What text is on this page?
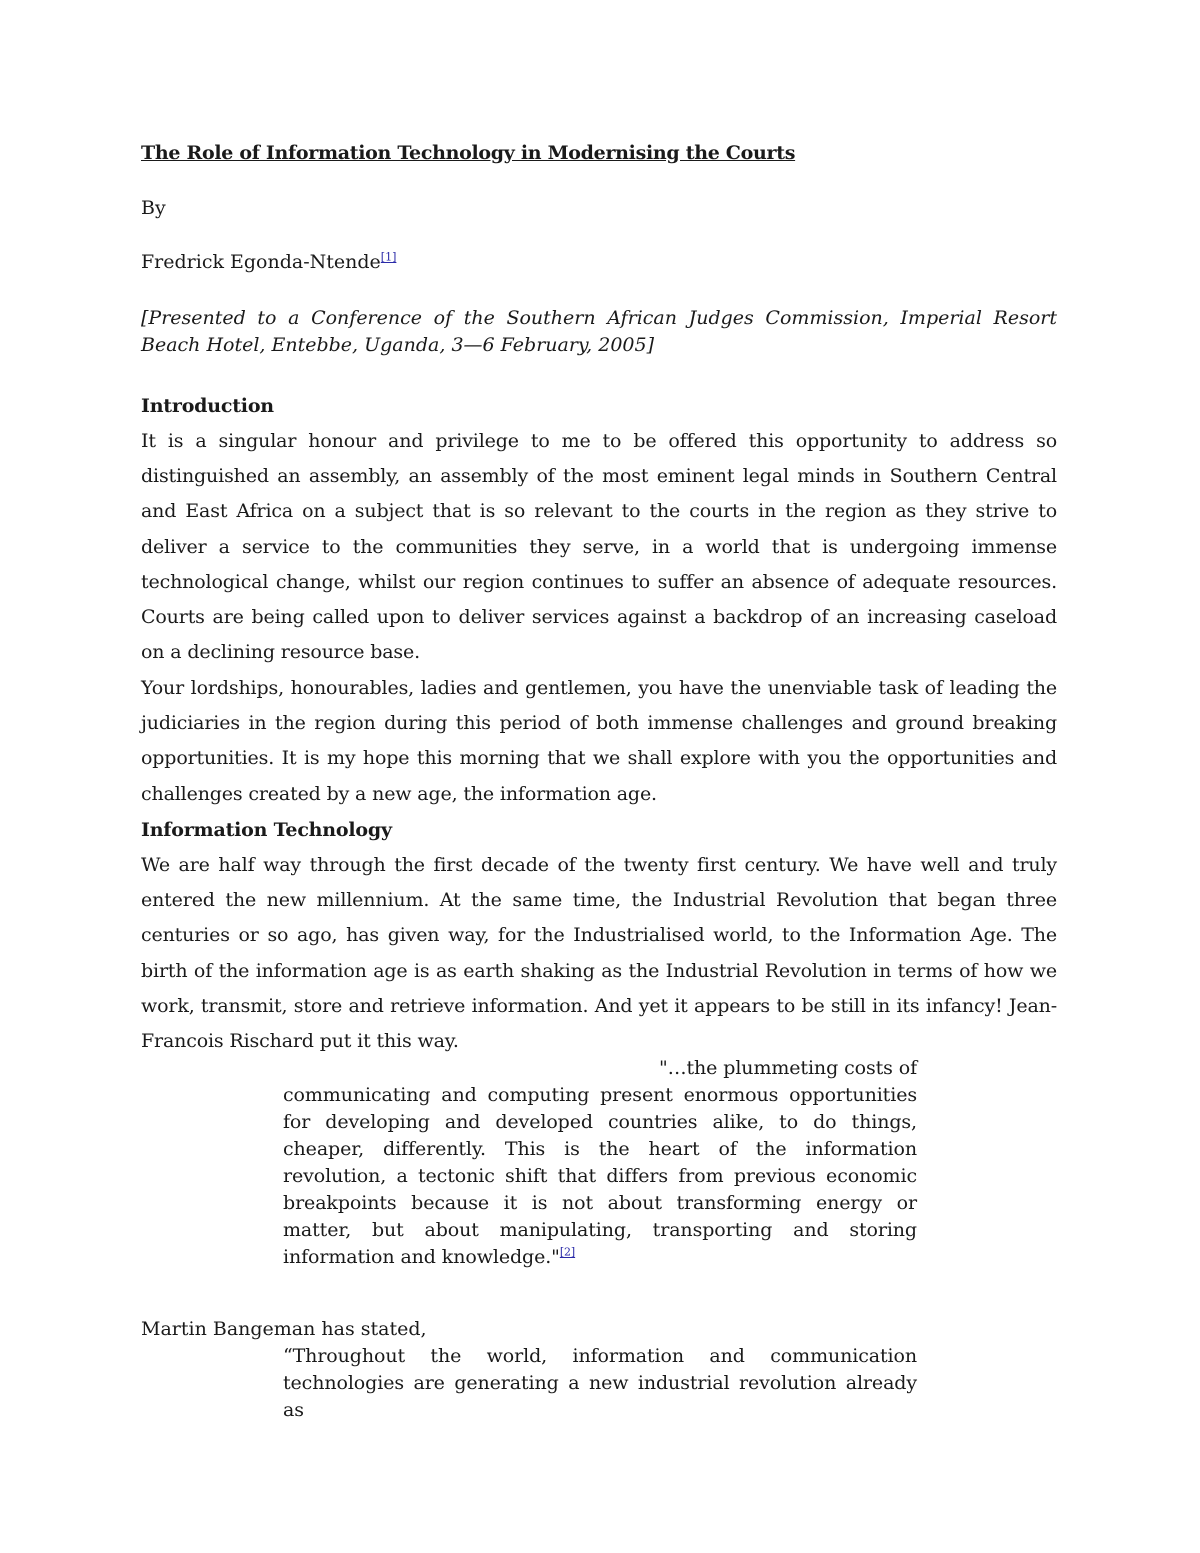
The Role of Information Technology in Modernising the Courts
By
Fredrick Egonda-Ntende[1]
[Presented to a Conference of the Southern African Judges Commission, Imperial Resort Beach Hotel, Entebbe, Uganda, 3—6 February, 2005]
Introduction
It is a singular honour and privilege to me to be offered this opportunity to address so distinguished an assembly, an assembly of the most eminent legal minds in Southern Central and East Africa on a subject that is so relevant to the courts in the region as they strive to deliver a service to the communities they serve, in a world that is undergoing immense technological change, whilst our region continues to suffer an absence of adequate resources. Courts are being called upon to deliver services against a backdrop of an increasing caseload on a declining resource base.
Your lordships, honourables, ladies and gentlemen, you have the unenviable task of leading the judiciaries in the region during this period of both immense challenges and ground breaking opportunities. It is my hope this morning that we shall explore with you the opportunities and challenges created by a new age, the information age.
Information Technology
We are half way through the first decade of the twenty first century. We have well and truly entered the new millennium. At the same time, the Industrial Revolution that began three centuries or so ago, has given way, for the Industrialised world, to the Information Age. The birth of the information age is as earth shaking as the Industrial Revolution in terms of how we work, transmit, store and retrieve information. And yet it appears to be still in its infancy! Jean-Francois Rischard put it this way.
"…the plummeting costs of
communicating and computing present enormous opportunities for developing and developed countries alike, to do things, cheaper, differently. This is the heart of the information revolution, a tectonic shift that differs from previous economic breakpoints because it is not about transforming energy or matter, but about manipulating, transporting and storing information and knowledge."[2]
Martin Bangeman has stated,
“Throughout the world, information and communication technologies are generating a new industrial revolution already as
